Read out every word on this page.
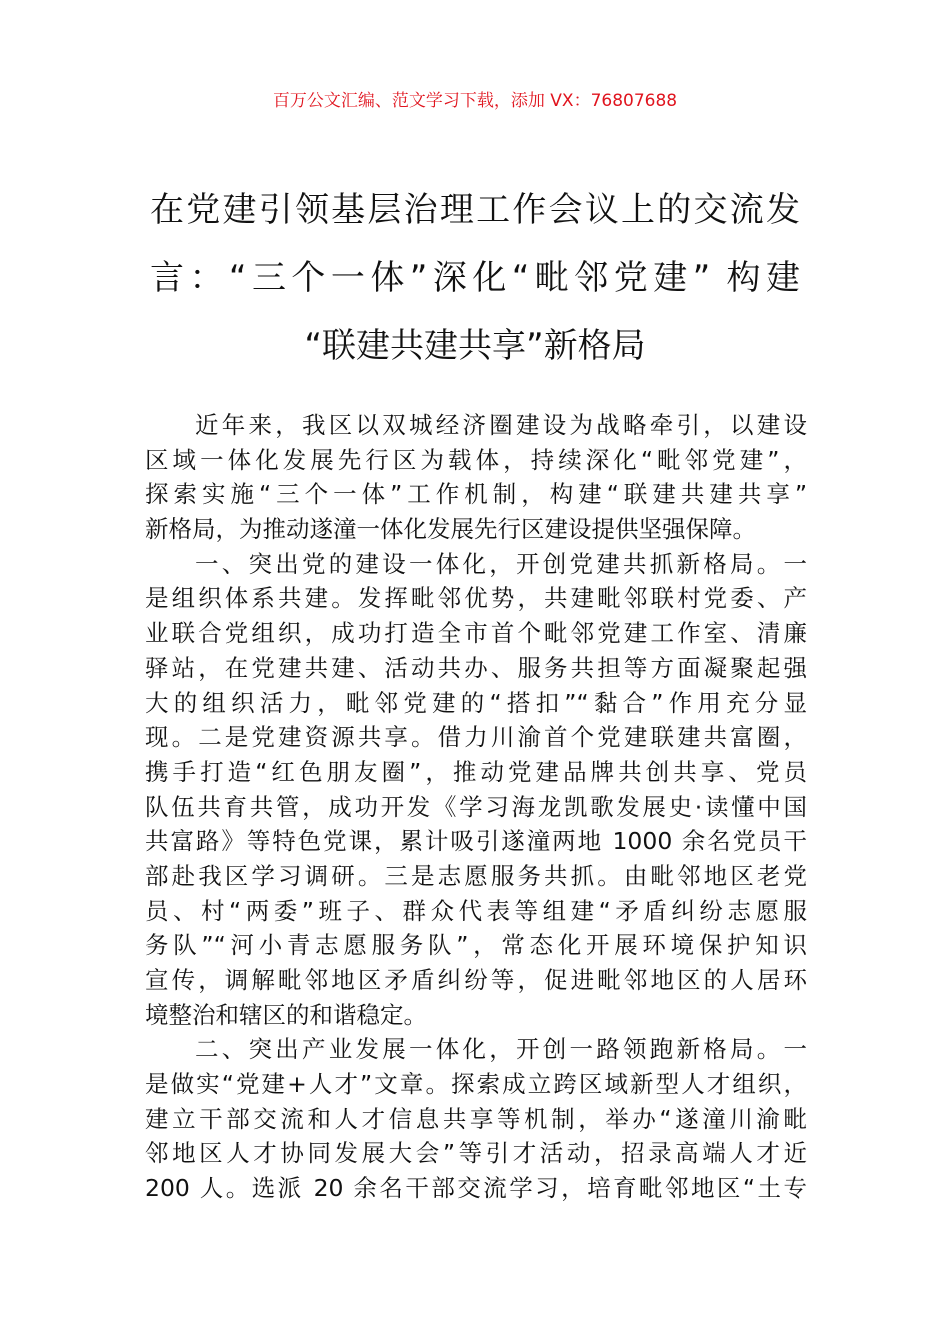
百万公文汇编、范文学习下载，添加 VX：76807688
在党建引领基层治理工作会议上的交流发
言：“三个一体”深化“毗邻党建” 构建
“联建共建共享”新格局
近年来，我区以双城经济圈建设为战略牵引，以建设
区域一体化发展先行区为载体，持续深化“毗邻党建”，
探索实施“三个一体”工作机制，构建“联建共建共享”
新格局，为推动遂潼一体化发展先行区建设提供坚强保障。
一、突出党的建设一体化，开创党建共抓新格局。一
是组织体系共建。发挥毗邻优势，共建毗邻联村党委、产
业联合党组织，成功打造全市首个毗邻党建工作室、清廉
驿站，在党建共建、活动共办、服务共担等方面凝聚起强
大的组织活力，毗邻党建的“搭扣”“黏合”作用充分显
现。二是党建资源共享。借力川渝首个党建联建共富圈，
携手打造“红色朋友圈”，推动党建品牌共创共享、党员
队伍共育共管，成功开发《学习海龙凯歌发展史·读懂中国
共富路》等特色党课，累计吸引遂潼两地 1000 余名党员干
部赴我区学习调研。三是志愿服务共抓。由毗邻地区老党
员、村“两委”班子、群众代表等组建“矛盾纠纷志愿服
务队”“河小青志愿服务队”，常态化开展环境保护知识
宣传，调解毗邻地区矛盾纠纷等，促进毗邻地区的人居环
境整治和辖区的和谐稳定。
二、突出产业发展一体化，开创一路领跑新格局。一
是做实“党建+人才”文章。探索成立跨区域新型人才组织，
建立干部交流和人才信息共享等机制，举办“遂潼川渝毗
邻地区人才协同发展大会”等引才活动，招录高端人才近
200 人。选派 20 余名干部交流学习，培育毗邻地区“土专
